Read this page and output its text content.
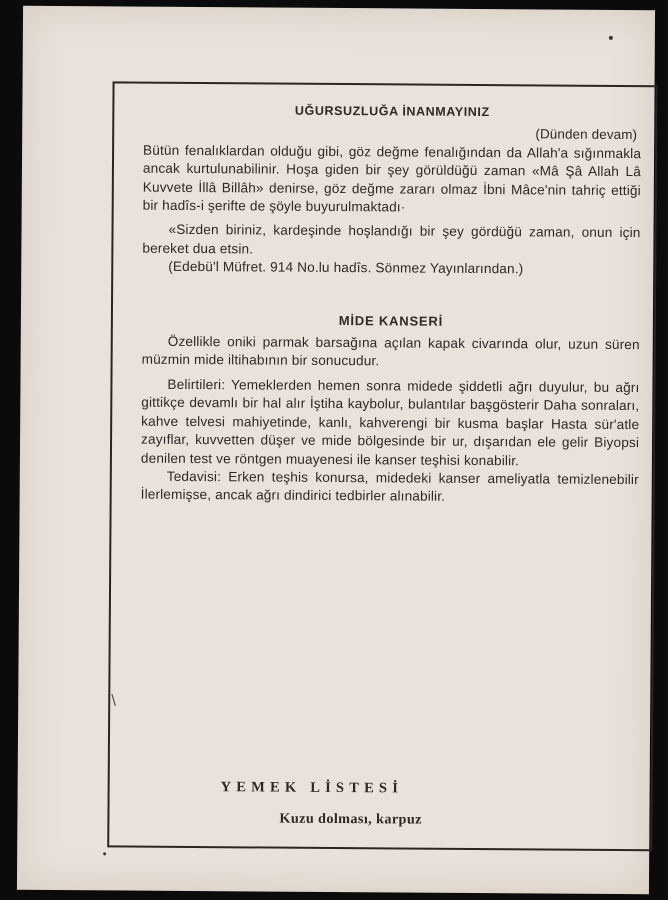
UĞURSUZLUĞA İNANMAYINIZ
(Dünden devam)

Bütün fenalıklardan olduğu gibi, göz değme fenalığından da Allah'a sığınmakla ancak kurtulunabilinir. Hoşa giden bir şey görüldüğü zaman «Mâ Şâ Allah Lâ Kuvvete İllâ Billâh» denirse, göz değme zararı olmaz İbni Mâce'nin tahriç ettiği bir hadîs-i şerifte de şöyle buyurulmaktadı·

«Sizden biriniz, kardeşinde hoşlandığı bir şey gördüğü zaman, onun için bereket dua etsin.

(Edebü'l Müfret. 914 No.lu hadîs. Sönmez Yayınlarından.)

MİDE KANSERİ

Özellikle oniki parmak barsağına açılan kapak civarında olur, uzun süren müzmin mide iltihabının bir sonucudur.

Belirtileri: Yemeklerden hemen sonra midede şiddetli ağrı duyulur, bu ağrı gittikçe devamlı bir hal alır İştiha kaybolur, bulantılar başgösterir Daha sonraları, kahve telvesi mahiyetinde, kanlı, kahverengi bir kusma başlar Hasta sür'atle zayıflar, kuvvetten düşer ve mide bölgesinde bir ur, dışarıdan ele gelir Biyopsi denilen test ve röntgen muayenesi ile kanser teşhisi konabilir.

Tedavisi: Erken teşhis konursa, midedeki kanser ameliyatla temizlenebilir İlerlemişse, ancak ağrı dindirici tedbirler alınabilir.

YEMEK LİSTESİ
Kuzu dolması, karpuz
\
